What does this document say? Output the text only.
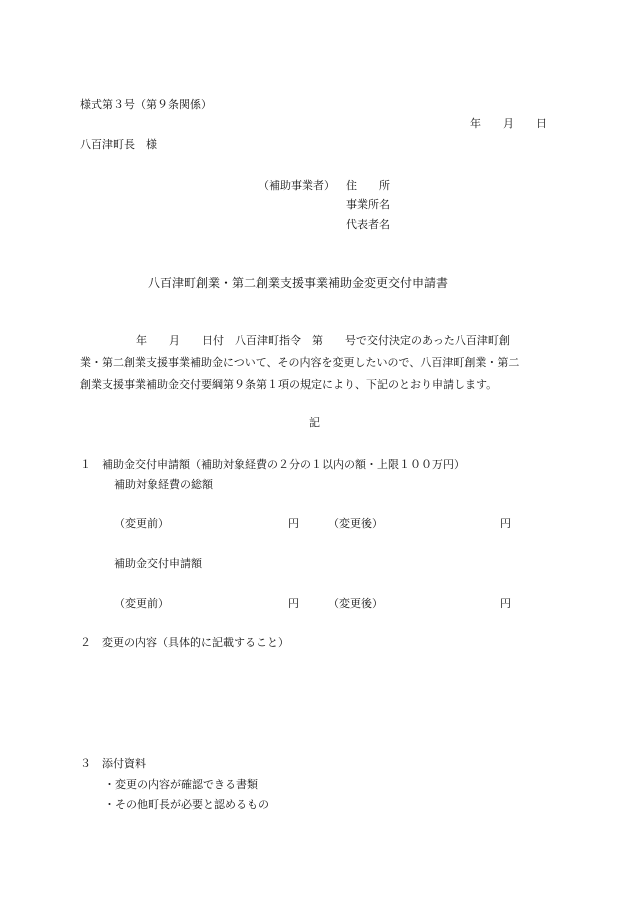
様式第３号（第９条関係）
年　　月　　日
八百津町長　様
（補助事業者） 住　　所
事業所名
代表者名
八百津町創業・第二創業支援事業補助金変更交付申請書
年　　月　　日付　八百津町指令　第　　号で交付決定のあった八百津町創
業・第二創業支援事業補助金について、その内容を変更したいので、八百津町創業・第二
創業支援事業補助金交付要綱第９条第１項の規定により、下記のとおり申請します。
記
１ 補助金交付申請額（補助対象経費の２分の１以内の額・上限１００万円）
補助対象経費の総額
（変更前）	円	（変更後）	円
補助金交付申請額
（変更前）	円	（変更後）	円
２ 変更の内容（具体的に記載すること）
３ 添付資料
・変更の内容が確認できる書類
・その他町長が必要と認めるもの
